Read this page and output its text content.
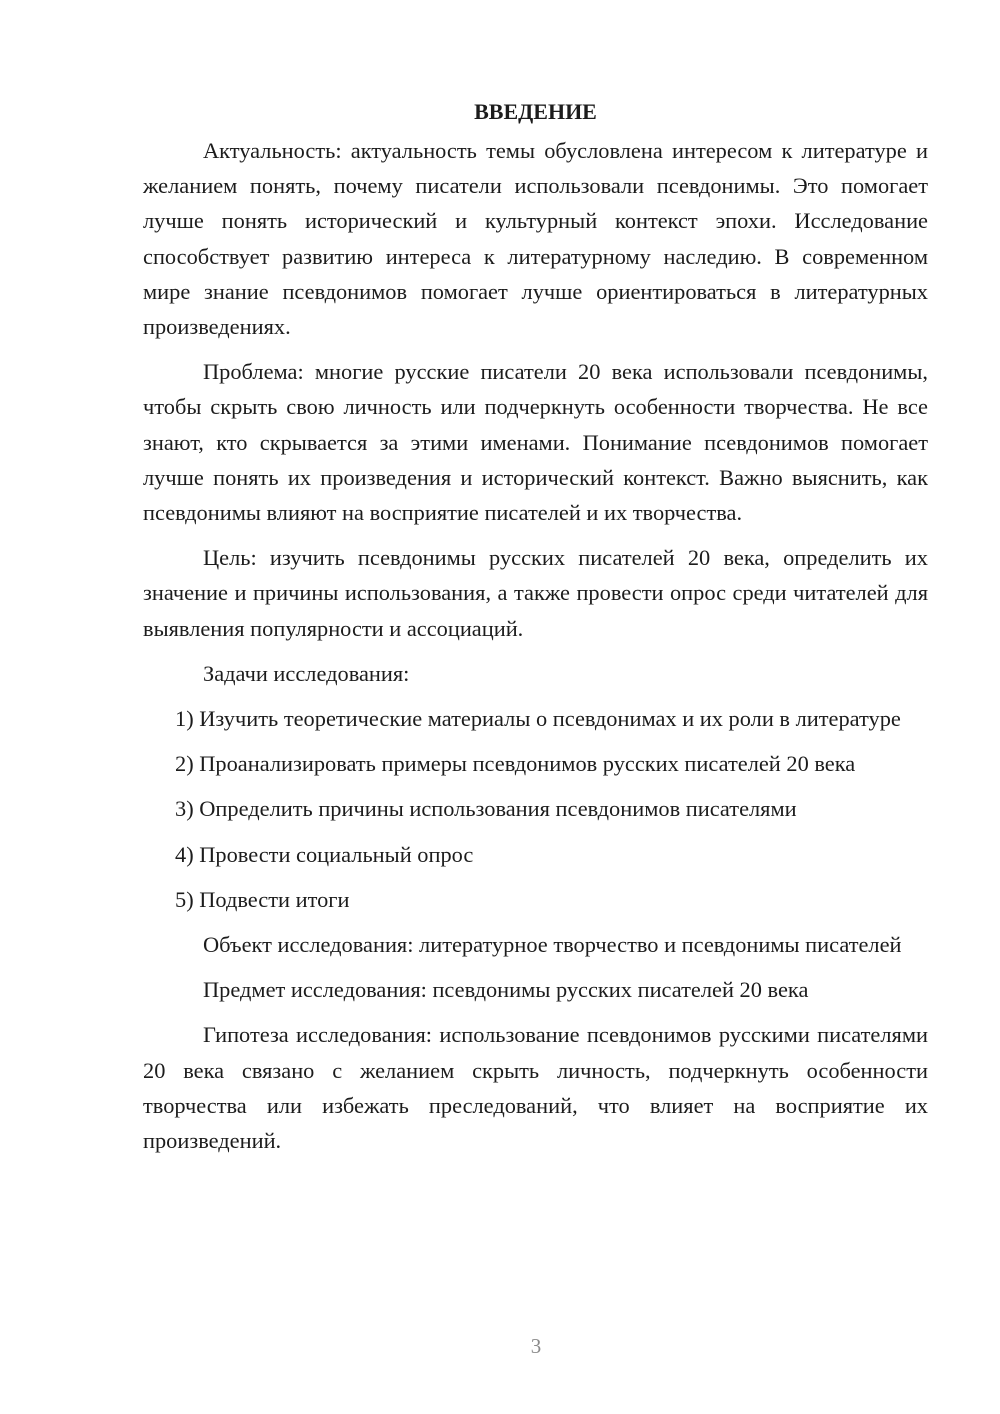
ВВЕДЕНИЕ

Актуальность: актуальность темы обусловлена интересом к литературе и желанием понять, почему писатели использовали псевдонимы. Это помогает лучше понять исторический и культурный контекст эпохи. Исследование способствует развитию интереса к литературному наследию. В современном мире знание псевдонимов помогает лучше ориентироваться в литературных произведениях.

Проблема: многие русские писатели 20 века использовали псевдонимы, чтобы скрыть свою личность или подчеркнуть особенности творчества. Не все знают, кто скрывается за этими именами. Понимание псевдонимов помогает лучше понять их произведения и исторический контекст. Важно выяснить, как псевдонимы влияют на восприятие писателей и их творчества.

Цель: изучить псевдонимы русских писателей 20 века, определить их значение и причины использования, а также провести опрос среди читателей для выявления популярности и ассоциаций.

Задачи исследования:

1) Изучить теоретические материалы о псевдонимах и их роли в литературе

2) Проанализировать примеры псевдонимов русских писателей 20 века

3) Определить причины использования псевдонимов писателями

4) Провести социальный опрос

5) Подвести итоги

Объект исследования: литературное творчество и псевдонимы писателей

Предмет исследования: псевдонимы русских писателей 20 века

Гипотеза исследования: использование псевдонимов русскими писателями 20 века связано с желанием скрыть личность, подчеркнуть особенности творчества или избежать преследований, что влияет на восприятие их произведений.

3
